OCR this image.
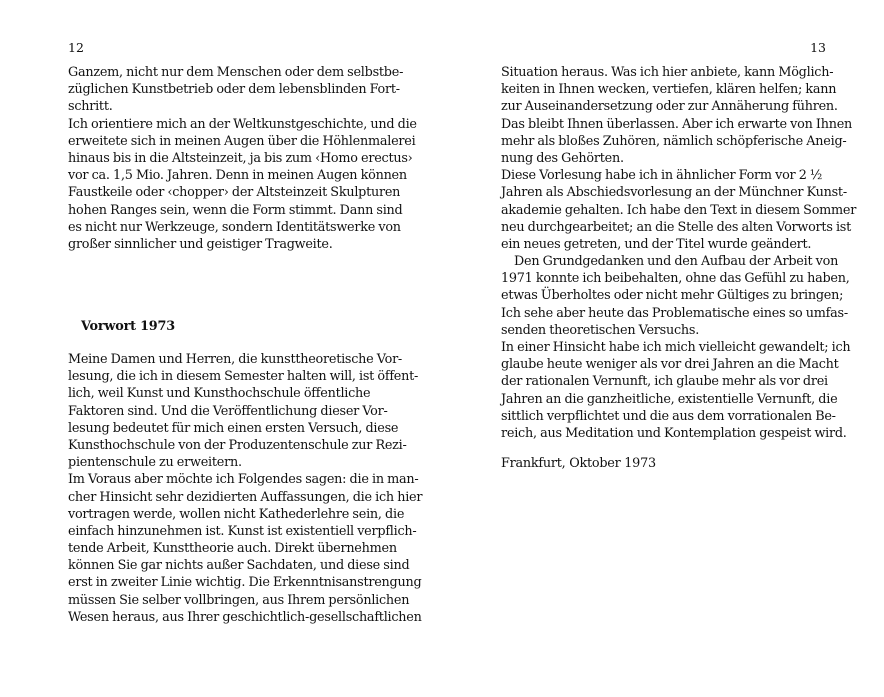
12
Ganzem, nicht nur dem Menschen oder dem selbstbe-
züglichen Kunstbetrieb oder dem lebensblinden Fort-
schritt.
Ich orientiere mich an der Weltkunstgeschichte, und die
erweitete sich in meinen Augen über die Höhlenmalerei
hinaus bis in die Altsteinzeit, ja bis zum ‹Homo erectus›
vor ca. 1,5 Mio. Jahren. Denn in meinen Augen können
Faustkeile oder ‹chopper› der Altsteinzeit Skulpturen
hohen Ranges sein, wenn die Form stimmt. Dann sind
es nicht nur Werkzeuge, sondern Identitätswerke von
großer sinnlicher und geistiger Tragweite.
Vorwort 1973
Meine Damen und Herren, die kunsttheoretische Vor-
lesung, die ich in diesem Semester halten will, ist öffent-
lich, weil Kunst und Kunsthochschule öffentliche
Faktoren sind. Und die Veröffentlichung dieser Vor-
lesung bedeutet für mich einen ersten Versuch, diese
Kunsthochschule von der Produzentenschule zur Rezi-
pientenschule zu erweitern.
Im Voraus aber möchte ich Folgendes sagen: die in man-
cher Hinsicht sehr dezidierten Auffassungen, die ich hier
vortragen werde, wollen nicht Kathederlehre sein, die
einfach hinzunehmen ist. Kunst ist existentiell verpflich-
tende Arbeit, Kunsttheorie auch. Direkt übernehmen
können Sie gar nichts außer Sachdaten, und diese sind
erst in zweiter Linie wichtig. Die Erkenntnisanstrengung
müssen Sie selber vollbringen, aus Ihrem persönlichen
Wesen heraus, aus Ihrer geschichtlich-gesellschaftlichen
13
Situation heraus. Was ich hier anbiete, kann Möglich-
keiten in Ihnen wecken, vertiefen, klären helfen; kann
zur Auseinandersetzung oder zur Annäherung führen.
Das bleibt Ihnen überlassen. Aber ich erwarte von Ihnen
mehr als bloßes Zuhören, nämlich schöpferische Aneig-
nung des Gehörten.
Diese Vorlesung habe ich in ähnlicher Form vor 2 ½
Jahren als Abschiedsvorlesung an der Münchner Kunst-
akademie gehalten. Ich habe den Text in diesem Sommer
neu durchgearbeitet; an die Stelle des alten Vorworts ist
ein neues getreten, und der Titel wurde geändert.
Den Grundgedanken und den Aufbau der Arbeit von
1971 konnte ich beibehalten, ohne das Gefühl zu haben,
etwas Überholtes oder nicht mehr Gültiges zu bringen;
Ich sehe aber heute das Problematische eines so umfas-
senden theoretischen Versuchs.
In einer Hinsicht habe ich mich vielleicht gewandelt; ich
glaube heute weniger als vor drei Jahren an die Macht
der rationalen Vernunft, ich glaube mehr als vor drei
Jahren an die ganzheitliche, existentielle Vernunft, die
sittlich verpflichtet und die aus dem vorrationalen Be-
reich, aus Meditation und Kontemplation gespeist wird.
Frankfurt, Oktober 1973
